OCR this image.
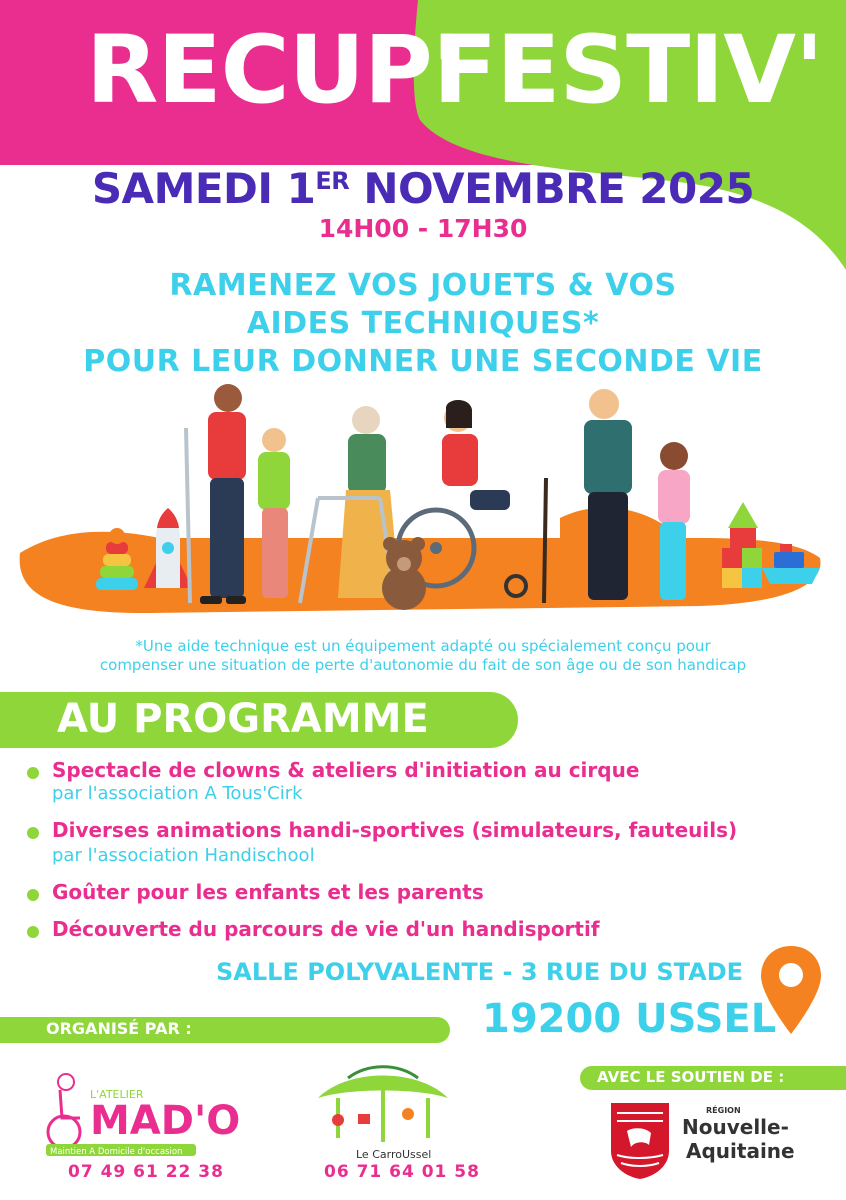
RECUP'
FESTIV'
SAMEDI 1ER NOVEMBRE 2025
14H00 - 17H30
RAMENEZ VOS JOUETS & VOS
AIDES TECHNIQUES*
POUR LEUR DONNER UNE SECONDE VIE
*Une aide technique est un équipement adapté ou spécialement conçu pour
compenser une situation de perte d'autonomie du fait de son âge ou de son handicap
AU PROGRAMME
Spectacle de clowns & ateliers d'initiation au cirque
par l'association A Tous'Cirk
Diverses animations handi-sportives (simulateurs, fauteuils)
par l'association Handischool
Goûter pour les enfants et les parents
Découverte du parcours de vie d'un handisportif
SALLE POLYVALENTE - 3 RUE DU STADE
19200 USSEL
ORGANISÉ PAR :
AVEC LE SOUTIEN DE :
L'ATELIER
MAD'O
Maintien A Domicile d'occasion
07 49 61 22 38
Le CarroUssel
06 71 64 01 58
RÉGION
Nouvelle-
Aquitaine
